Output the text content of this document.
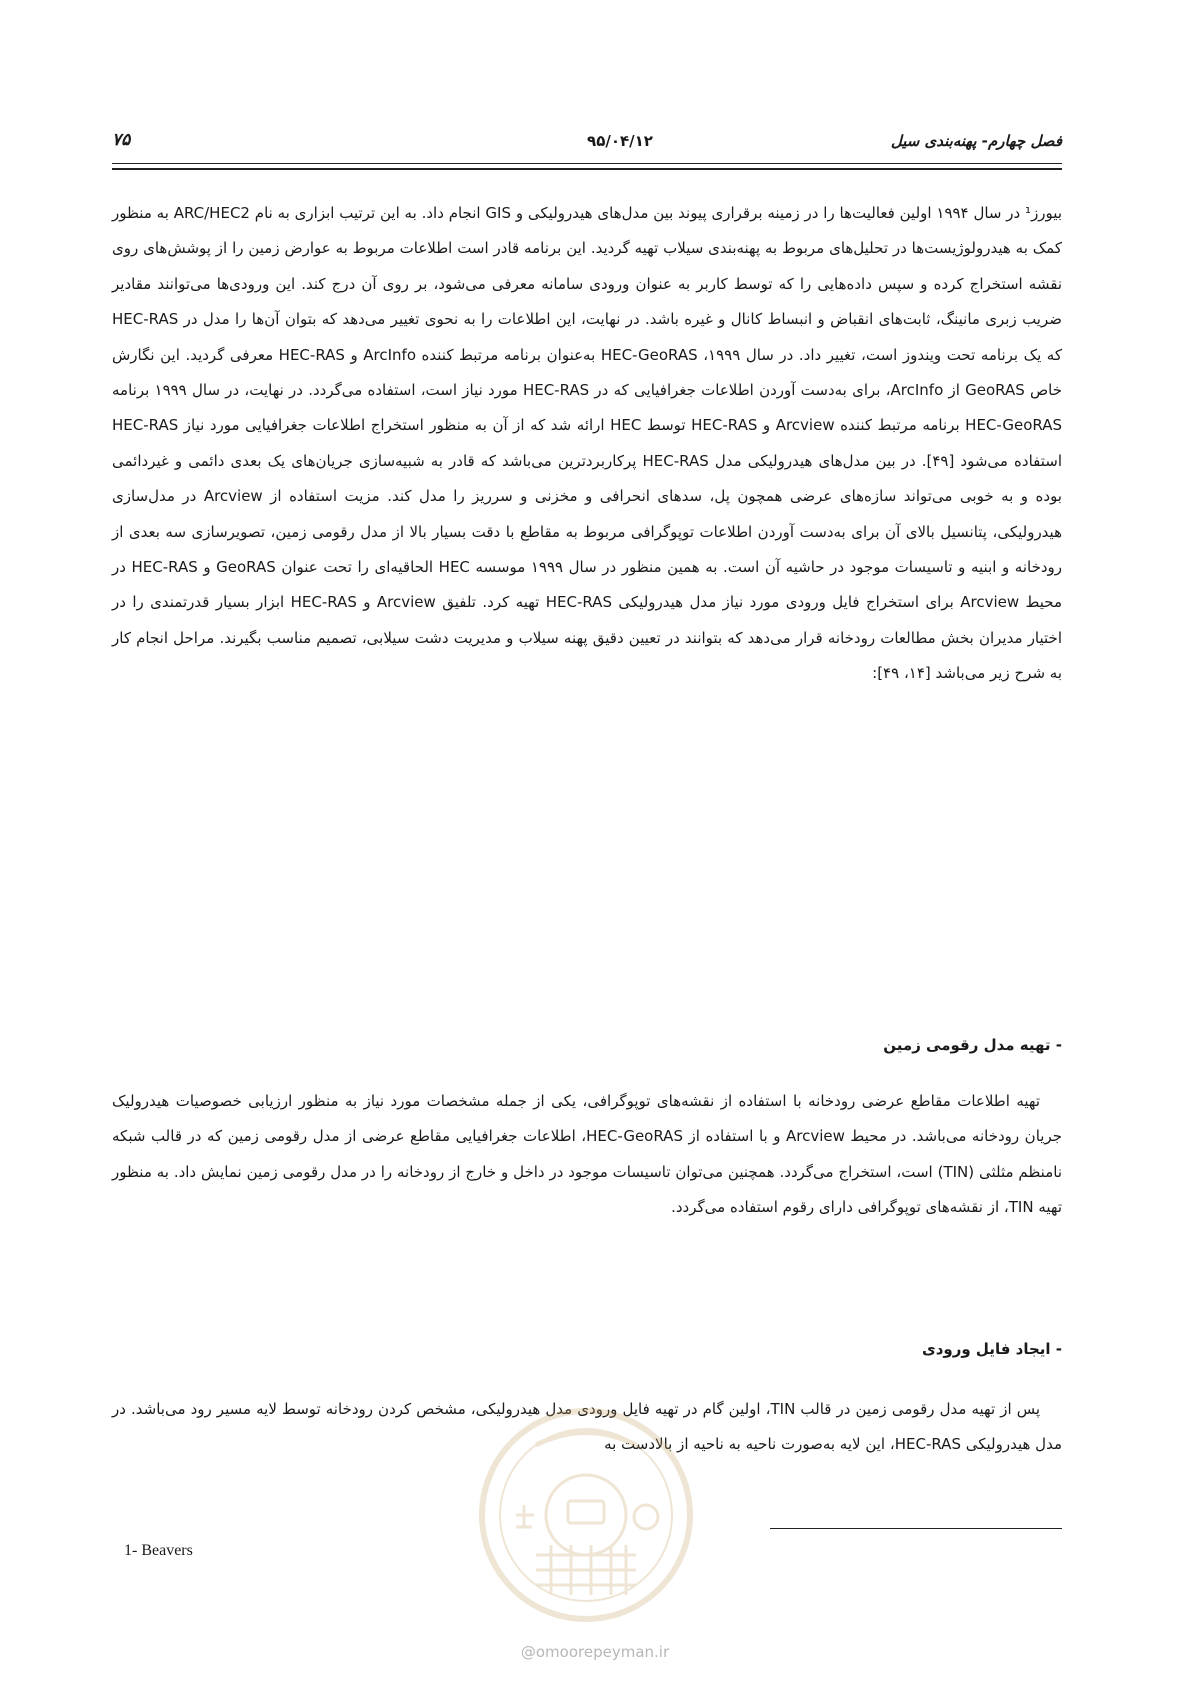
فصل چهارم- پهنه‌بندی سیل
۹۵/۰۴/۱۲
۷۵
بیورز¹ در سال ۱۹۹۴ اولین فعالیت‌ها را در زمینه برقراری پیوند بین مدل‌های هیدرولیکی و GIS انجام داد. به این ترتیب ابزاری به نام ARC/HEC2 به منظور کمک به هیدرولوژیست‌ها در تحلیل‌های مربوط به پهنه‌بندی سیلاب تهیه گردید. این برنامه قادر است اطلاعات مربوط به عوارض زمین را از پوشش‌های روی نقشه استخراج کرده و سپس داده‌هایی را که توسط کاربر به عنوان ورودی سامانه معرفی می‌شود، بر روی آن درج کند. این ورودی‌ها می‌توانند مقادیر ضریب زبری مانینگ، ثابت‌های انقباض و انبساط کانال و غیره باشد. در نهایت، این اطلاعات را به نحوی تغییر می‌دهد که بتوان آن‌ها را مدل در HEC-RAS که یک برنامه تحت ویندوز است، تغییر داد. در سال ۱۹۹۹، HEC-GeoRAS به‌عنوان برنامه مرتبط کننده ArcInfo و HEC-RAS معرفی گردید. این نگارش خاص GeoRAS از ArcInfo، برای به‌دست آوردن اطلاعات جغرافیایی که در HEC-RAS مورد نیاز است، استفاده می‌گردد. در نهایت، در سال ۱۹۹۹ برنامه HEC-GeoRAS برنامه مرتبط کننده Arcview و HEC-RAS توسط HEC ارائه شد که از آن به منظور استخراج اطلاعات جغرافیایی مورد نیاز HEC-RAS استفاده می‌شود [۴۹]. در بین مدل‌های هیدرولیکی مدل HEC-RAS پرکاربردترین می‌باشد که قادر به شبیه‌سازی جریان‌های یک بعدی دائمی و غیردائمی بوده و به خوبی می‌تواند سازه‌های عرضی همچون پل، سدهای انحرافی و مخزنی و سرریز را مدل کند. مزیت استفاده از Arcview در مدل‌سازی هیدرولیکی، پتانسیل بالای آن برای به‌دست آوردن اطلاعات توپوگرافی مربوط به مقاطع با دقت بسیار بالا از مدل رقومی زمین، تصویرسازی سه بعدی از رودخانه و ابنیه و تاسیسات موجود در حاشیه آن است. به همین منظور در سال ۱۹۹۹ موسسه HEC الحاقیه‌ای را تحت عنوان GeoRAS و HEC-RAS در محیط Arcview برای استخراج فایل ورودی مورد نیاز مدل هیدرولیکی HEC-RAS تهیه کرد. تلفیق Arcview و HEC-RAS ابزار بسیار قدرتمندی را در اختیار مدیران بخش مطالعات رودخانه قرار می‌دهد که بتوانند در تعیین دقیق پهنه سیلاب و مدیریت دشت سیلابی، تصمیم مناسب بگیرند. مراحل انجام کار به شرح زیر می‌باشد [۱۴، ۴۹]:
- تهیه مدل رقومی زمین
تهیه اطلاعات مقاطع عرضی رودخانه با استفاده از نقشه‌های توپوگرافی، یکی از جمله مشخصات مورد نیاز به منظور ارزیابی خصوصیات هیدرولیک جریان رودخانه می‌باشد. در محیط Arcview و با استفاده از HEC-GeoRAS، اطلاعات جغرافیایی مقاطع عرضی از مدل رقومی زمین که در قالب شبکه نامنظم مثلثی (TIN) است، استخراج می‌گردد. همچنین می‌توان تاسیسات موجود در داخل و خارج از رودخانه را در مدل رقومی زمین نمایش داد. به منظور تهیه TIN، از نقشه‌های توپوگرافی دارای رقوم استفاده می‌گردد.
- ایجاد فایل ورودی
پس از تهیه مدل رقومی زمین در قالب TIN، اولین گام در تهیه فایل ورودی مدل هیدرولیکی، مشخص کردن رودخانه توسط لایه مسیر رود می‌باشد. در مدل هیدرولیکی HEC-RAS، این لایه به‌صورت ناحیه به ناحیه از بالادست به
1- Beavers
@omoorepeyman.ir
